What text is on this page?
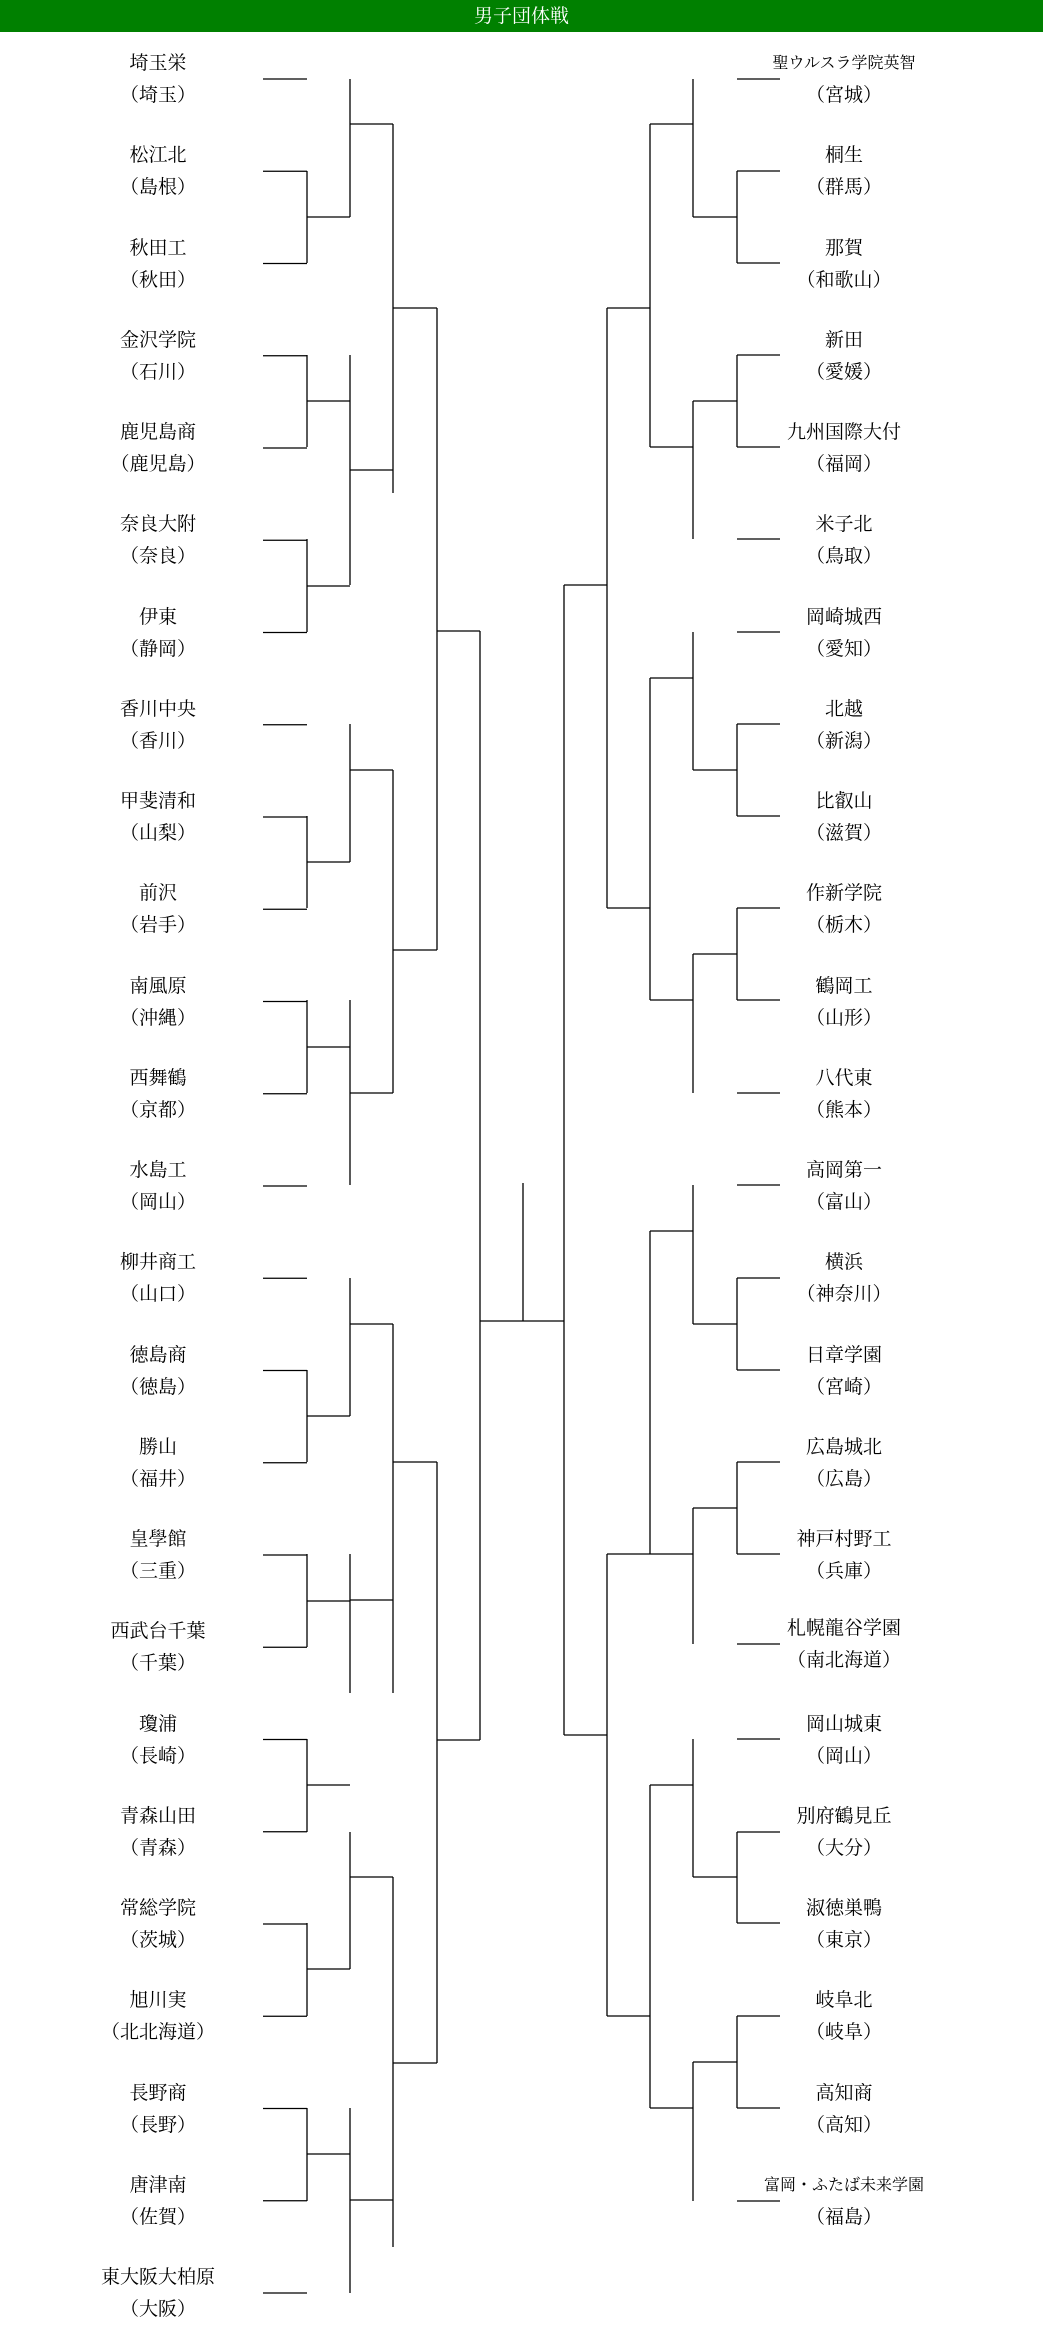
男子団体戦
埼玉栄
（埼玉）
松江北
（島根）
秋田工
（秋田）
金沢学院
（石川）
鹿児島商
（鹿児島）
奈良大附
（奈良）
伊東
（静岡）
香川中央
（香川）
甲斐清和
（山梨）
前沢
（岩手）
南風原
（沖縄）
西舞鶴
（京都）
水島工
（岡山）
柳井商工
（山口）
徳島商
（徳島）
勝山
（福井）
皇學館
（三重）
西武台千葉
（千葉）
瓊浦
（長崎）
青森山田
（青森）
常総学院
（茨城）
旭川実
（北北海道）
長野商
（長野）
唐津南
（佐賀）
東大阪大柏原
（大阪）
聖ウルスラ学院英智
（宮城）
桐生
（群馬）
那賀
（和歌山）
新田
（愛媛）
九州国際大付
（福岡）
米子北
（鳥取）
岡崎城西
（愛知）
北越
（新潟）
比叡山
（滋賀）
作新学院
（栃木）
鶴岡工
（山形）
八代東
（熊本）
高岡第一
（富山）
横浜
（神奈川）
日章学園
（宮崎）
広島城北
（広島）
神戸村野工
（兵庫）
札幌龍谷学園
（南北海道）
岡山城東
（岡山）
別府鶴見丘
（大分）
淑徳巣鴨
（東京）
岐阜北
（岐阜）
高知商
（高知）
富岡・ふたば未来学園
（福島）
